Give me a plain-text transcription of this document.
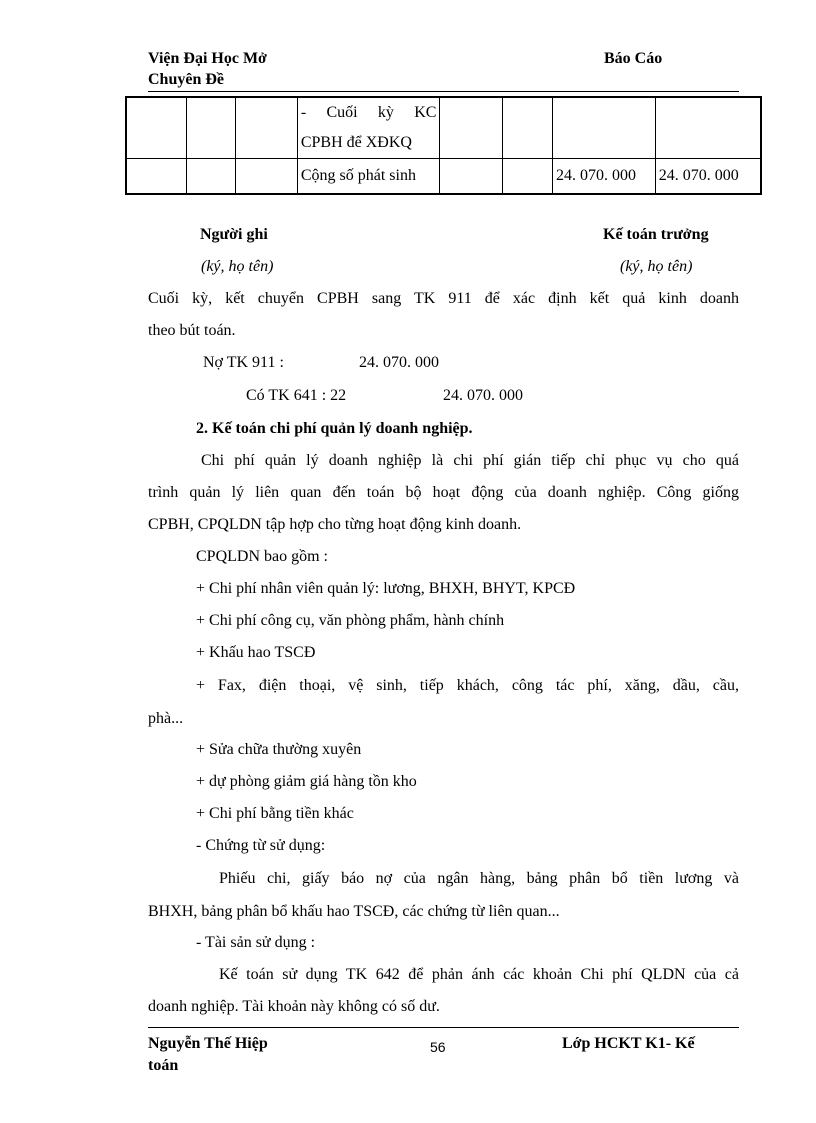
Viện Đại Học Mở
Chuyên Đề
Báo Cáo

			- Cuối kỳ KC
CPBH để XĐKQ				

			Cộng số phát sinh			24. 070. 000	24. 070. 000
Người ghi
(ký, họ tên)
Kế toán trưởng
(ký, họ tên)
Cuối kỳ, kết chuyển CPBH sang TK 911 để xác định kết quả kinh doanh
theo bút toán.
Nợ TK 911 :	24. 070. 000
Có TK 641 : 22	24. 070. 000
2. Kế toán chi phí quản lý doanh nghiệp.
Chi phí quản lý doanh nghiệp là chi phí gián tiếp chỉ phục vụ cho quá
trình quản lý liên quan đến toán bộ hoạt động của doanh nghiệp. Công giống
CPBH, CPQLDN tập hợp cho từng hoạt động kinh doanh.
CPQLDN bao gồm :
+ Chi phí nhân viên quản lý: lương, BHXH, BHYT, KPCĐ
+ Chi phí công cụ, văn phòng phẩm, hành chính
+ Khấu hao TSCĐ
+ Fax, điện thoại, vệ sinh, tiếp khách, công tác phí, xăng, dầu, cầu,
phà...
+ Sửa chữa thường xuyên
+ dự phòng giảm giá hàng tồn kho
+ Chi phí bằng tiền khác
- Chứng từ sử dụng:
Phiếu chi, giấy báo nợ của ngân hàng, bảng phân bổ tiền lương và
BHXH, bảng phân bổ khấu hao TSCĐ, các chứng từ liên quan...
- Tài sản sử dụng :
Kế toán sử dụng TK 642 để phản ánh các khoản Chi phí QLDN của cả
doanh nghiệp. Tài khoản này không có số dư.
Nguyễn Thế Hiệp
toán
56	Lớp HCKT K1- Kế
